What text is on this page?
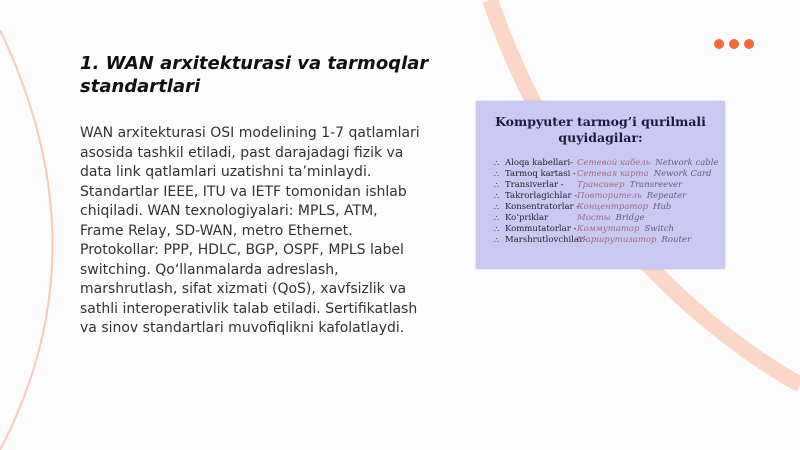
1. WAN arxitekturasi va tarmoqlar standartlari

WAN arxitekturasi OSI modelining 1-7 qatlamlari asosida tashkil etiladi, past darajadagi fizik va data link qatlamlari uzatishni ta’minlaydi. Standartlar IEEE, ITU va IETF tomonidan ishlab chiqiladi. WAN texnologiyalari: MPLS, ATM, Frame Relay, SD-WAN, metro Ethernet. Protokollar: PPP, HDLC, BGP, OSPF, MPLS label switching. Qo‘llanmalarda adreslash, marshrutlash, sifat xizmati (QoS), xavfsizlik va sathli interoperativlik talab etiladi. Sertifikatlash va sinov standartlari muvofiqlikni kafolatlaydi.

Kompyuter tarmog’i qurilmali quyidagilar:
∴ Aloqa kabellari- Сетевой кабель Network cable
∴ Tarmoq kartasi - Сетевая карта Nework Card
∴ Transiverlar -	Трансивер Transreever
∴ Takrorlagichlar - Повторитель Repeater
∴ Konsentratorlar -
Концентратор Hub
∴ Ko’priklar	Мосты Bridge
∴ Kommutatorlar - Коммутатор Switch
∴ Marshrutlovchilar-
Маршрутизатор Router
